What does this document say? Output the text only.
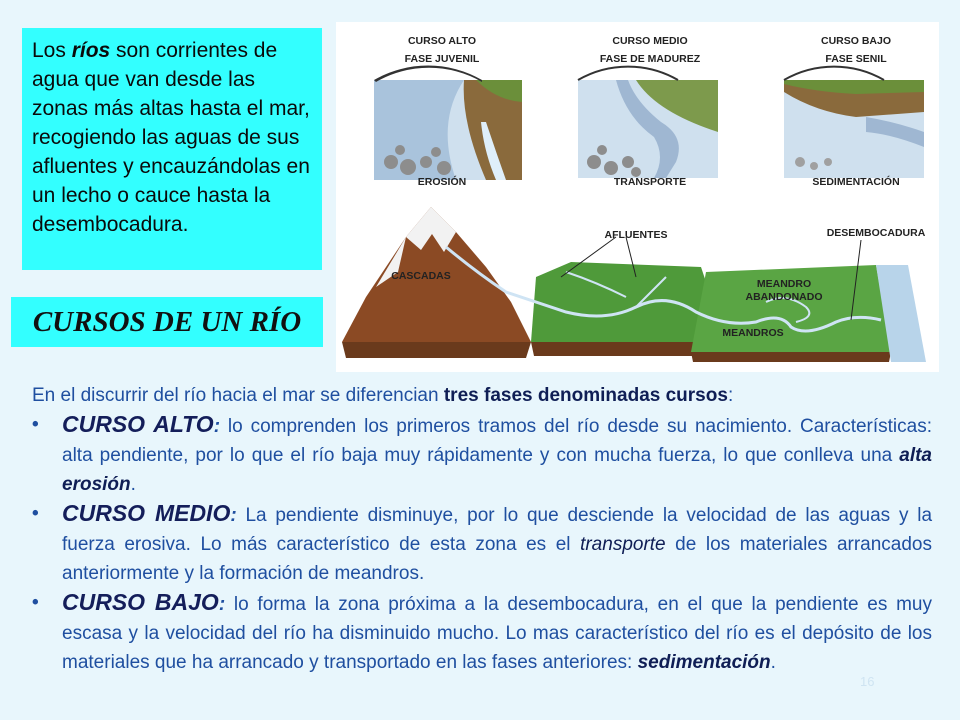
Los ríos son corrientes de agua que van desde las zonas más altas hasta el mar, recogiendo las aguas de sus afluentes y encauzándolas en un lecho o cauce hasta la desembocadura.
CURSOS DE UN RÍO
CURSO ALTO
FASE JUVENIL
EROSIÓN
CURSO MEDIO
FASE DE MADUREZ
TRANSPORTE
CURSO BAJO
FASE SENIL
SEDIMENTACIÓN
CASCADAS
AFLUENTES	DESEMBOCADURA
MEANDRO
ABANDONADO
MEANDROS

En el discurrir del río hacia el mar se diferencian tres fases denominadas cursos:

• CURSO ALTO: lo comprenden los primeros tramos del río desde su nacimiento. Características: alta pendiente, por lo que el río baja muy rápidamente y con mucha fuerza, lo que conlleva una alta erosión.

• CURSO MEDIO: La pendiente disminuye, por lo que desciende la velocidad de las aguas y la fuerza erosiva. Lo más característico de esta zona es el transporte de los materiales arrancados anteriormente y la formación de meandros.

• CURSO BAJO: lo forma la zona próxima a la desembocadura, en el que la pendiente es muy escasa y la velocidad del río ha disminuido mucho. Lo mas característico del río es el depósito de los materiales que ha arrancado y transportado en las fases anteriores: sedimentación.

16
